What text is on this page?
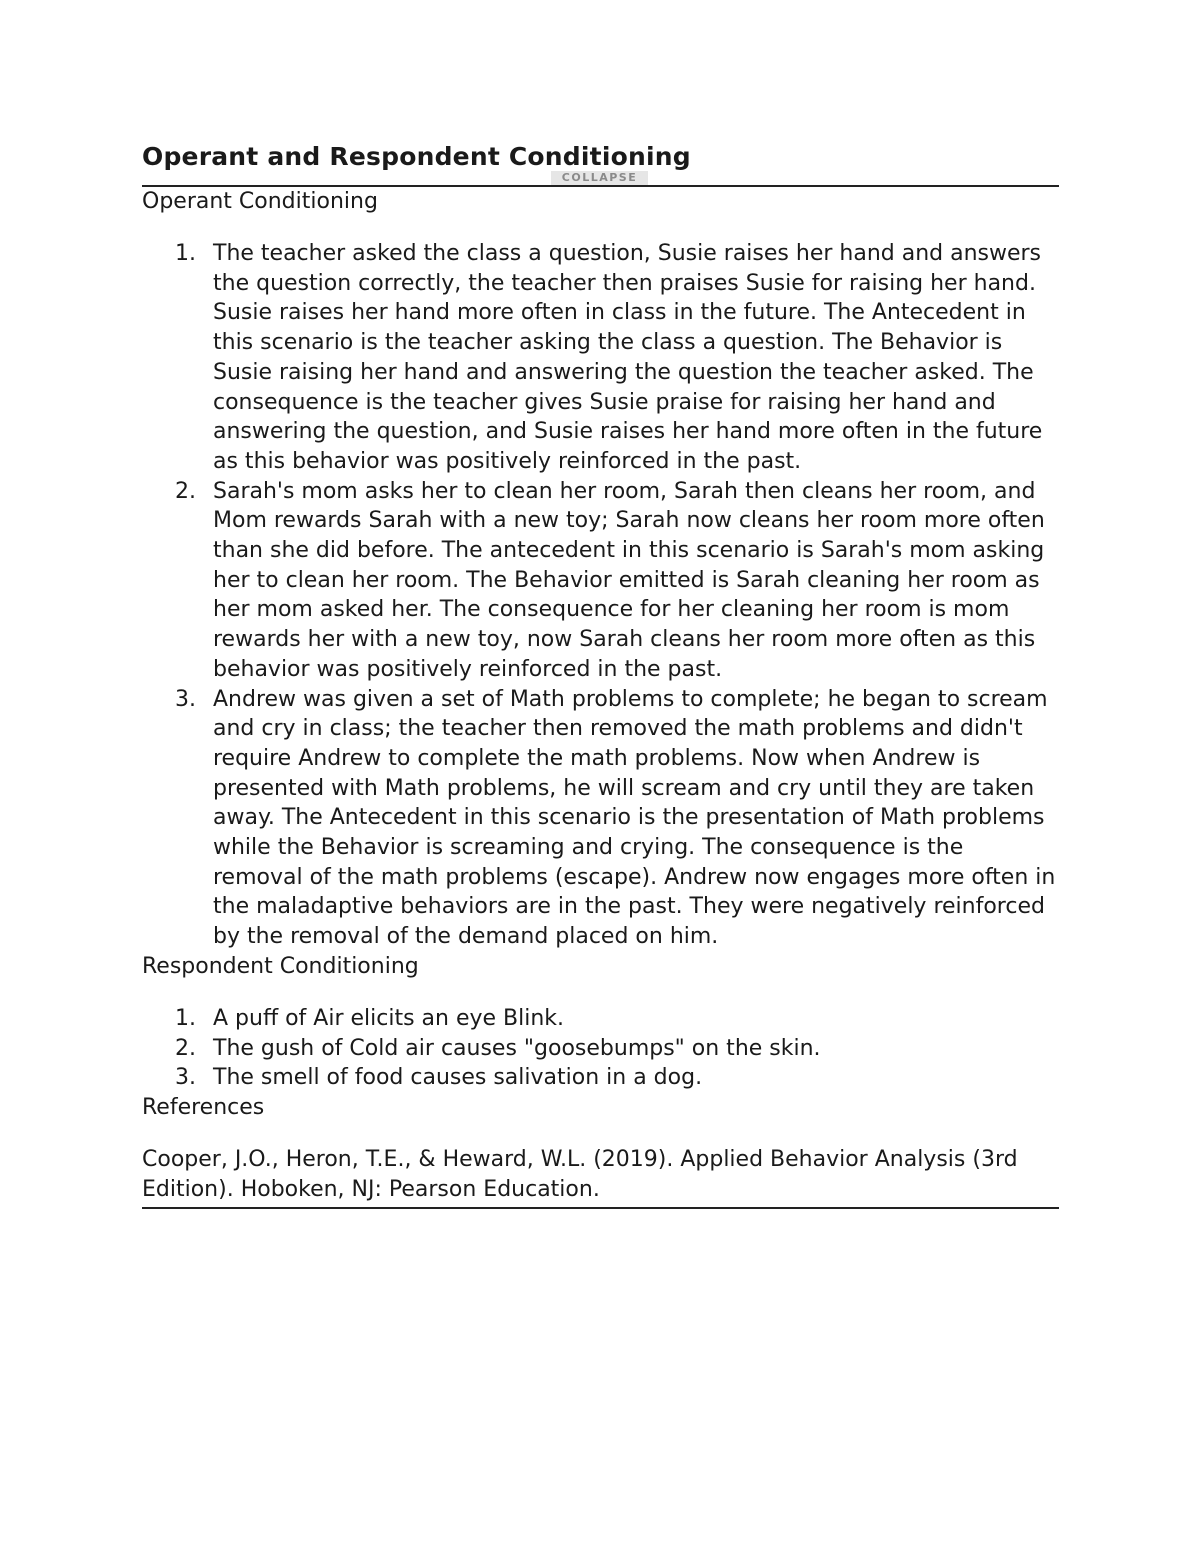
Operant and Respondent Conditioning
COLLAPSE

Operant Conditioning

1. The teacher asked the class a question, Susie raises her hand and answers the question correctly, the teacher then praises Susie for raising her hand. Susie raises her hand more often in class in the future. The Antecedent in this scenario is the teacher asking the class a question. The Behavior is Susie raising her hand and answering the question the teacher asked. The consequence is the teacher gives Susie praise for raising her hand and answering the question, and Susie raises her hand more often in the future as this behavior was positively reinforced in the past.
2. Sarah's mom asks her to clean her room, Sarah then cleans her room, and Mom rewards Sarah with a new toy; Sarah now cleans her room more often than she did before. The antecedent in this scenario is Sarah's mom asking her to clean her room. The Behavior emitted is Sarah cleaning her room as her mom asked her. The consequence for her cleaning her room is mom rewards her with a new toy, now Sarah cleans her room more often as this behavior was positively reinforced in the past.
3. Andrew was given a set of Math problems to complete; he began to scream and cry in class; the teacher then removed the math problems and didn't require Andrew to complete the math problems. Now when Andrew is presented with Math problems, he will scream and cry until they are taken away. The Antecedent in this scenario is the presentation of Math problems while the Behavior is screaming and crying. The consequence is the removal of the math problems (escape). Andrew now engages more often in the maladaptive behaviors are in the past. They were negatively reinforced by the removal of the demand placed on him.

Respondent Conditioning

1. A puff of Air elicits an eye Blink.
2. The gush of Cold air causes "goosebumps" on the skin.
3. The smell of food causes salivation in a dog.

References

Cooper, J.O., Heron, T.E., & Heward, W.L. (2019). Applied Behavior Analysis (3rd Edition). Hoboken, NJ: Pearson Education.
